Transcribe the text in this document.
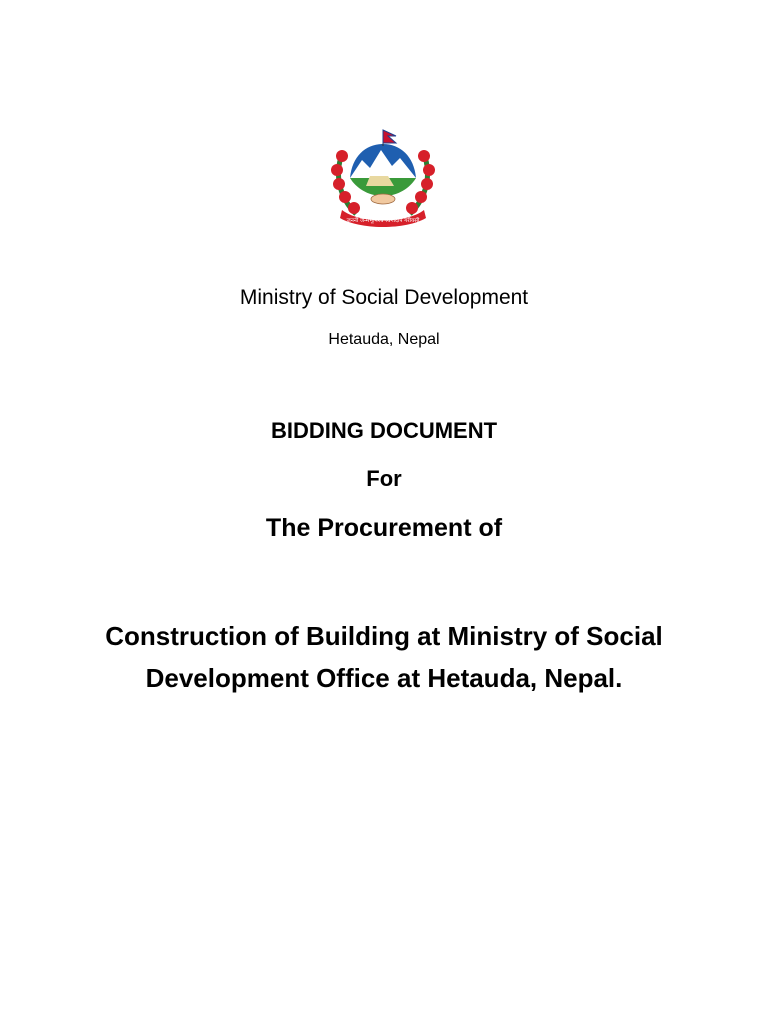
जननी जन्मभूमिश्च स्वर्गादपि गरीयसी
Ministry of Social Development
Hetauda, Nepal
BIDDING DOCUMENT
For
The Procurement of
Construction of Building at Ministry of Social
Development Office at Hetauda, Nepal.
